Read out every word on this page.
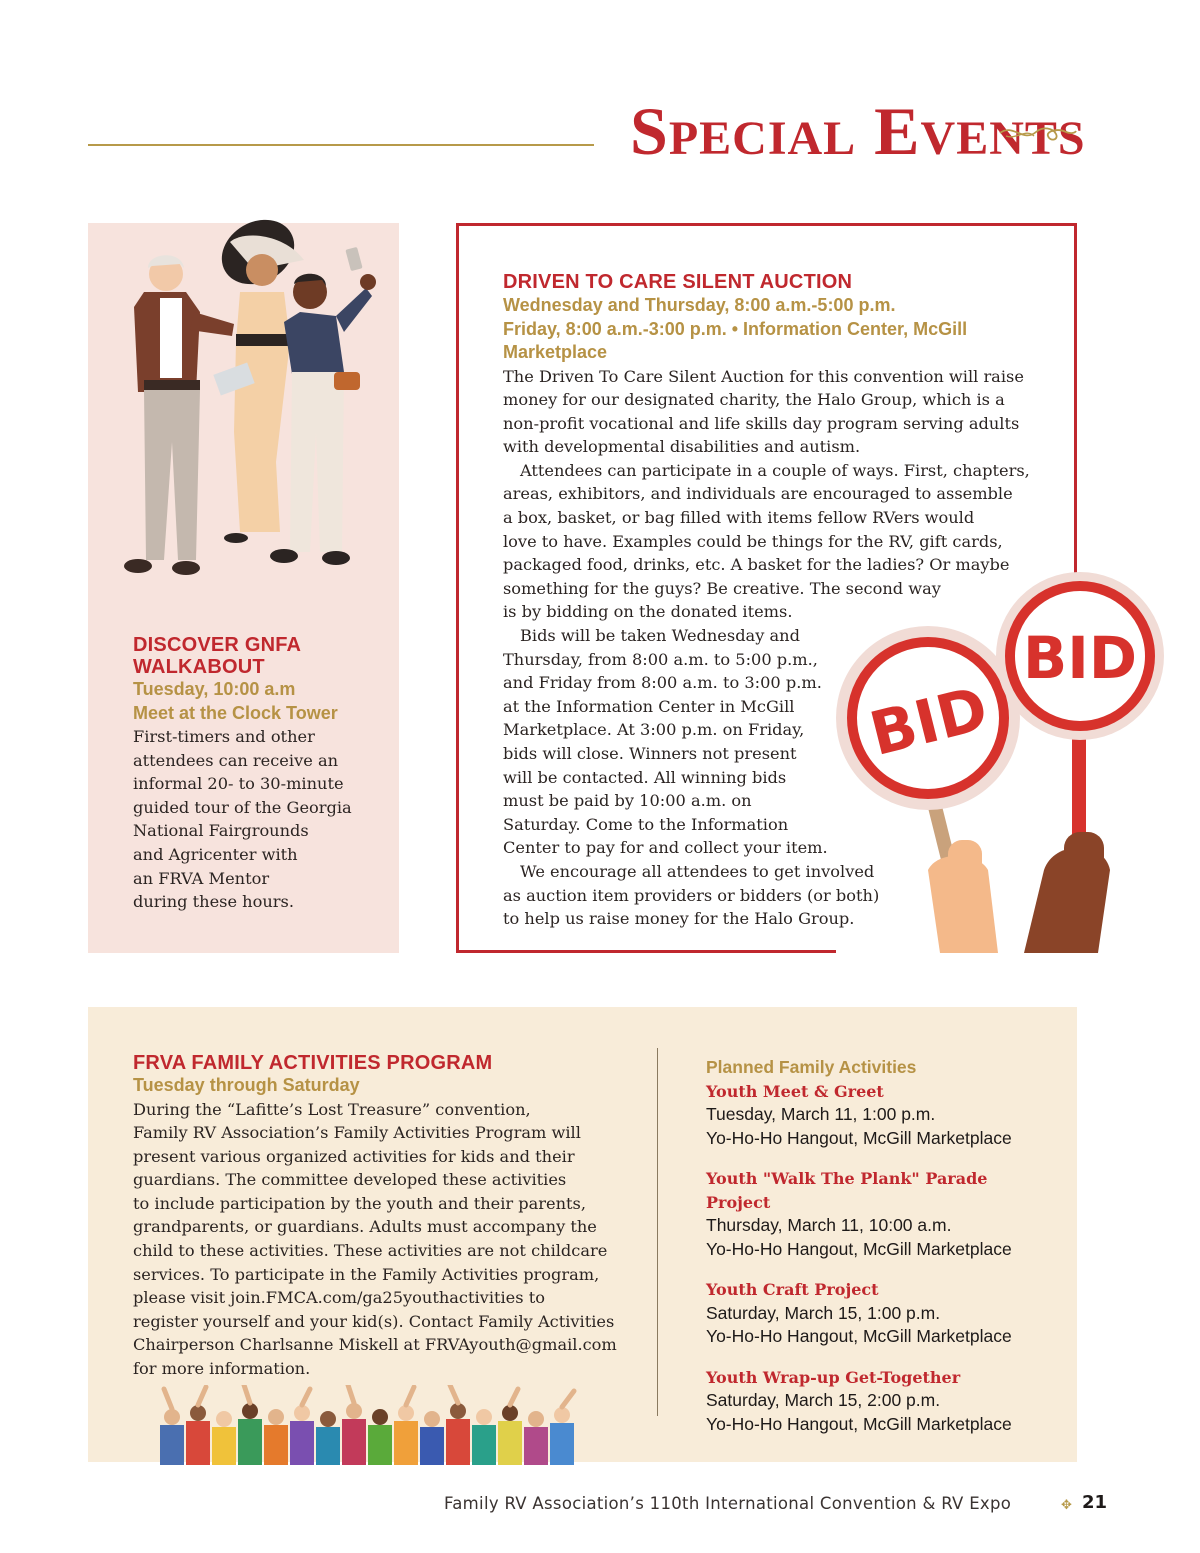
Special Events
DISCOVER GNFA
WALKABOUT
Tuesday, 10:00 a.m
Meet at the Clock Tower
First-timers and other
attendees can receive an
informal 20- to 30-minute
guided tour of the Georgia
National Fairgrounds
and Agricenter with
an FRVA Mentor
during these hours.
DRIVEN TO CARE SILENT AUCTION
Wednesday and Thursday, 8:00 a.m.-5:00 p.m.
Friday, 8:00 a.m.-3:00 p.m. • Information Center, McGill Marketplace
The Driven To Care Silent Auction for this convention will raise
money for our designated charity, the Halo Group, which is a
non-profit vocational and life skills day program serving adults
with developmental disabilities and autism.
Attendees can participate in a couple of ways. First, chapters,
areas, exhibitors, and individuals are encouraged to assemble
a box, basket, or bag filled with items fellow RVers would
love to have. Examples could be things for the RV, gift cards,
packaged food, drinks, etc. A basket for the ladies? Or maybe
something for the guys? Be creative. The second way
is by bidding on the donated items.
Bids will be taken Wednesday and
Thursday, from 8:00 a.m. to 5:00 p.m.,
and Friday from 8:00 a.m. to 3:00 p.m.
at the Information Center in McGill
Marketplace. At 3:00 p.m. on Friday,
bids will close. Winners not present
will be contacted. All winning bids
must be paid by 10:00 a.m. on
Saturday. Come to the Information
Center to pay for and collect your item.
We encourage all attendees to get involved
as auction item providers or bidders (or both)
to help us raise money for the Halo Group.
BID
BID
FRVA FAMILY ACTIVITIES PROGRAM
Tuesday through Saturday
During the “Lafitte’s Lost Treasure” convention,
Family RV Association’s Family Activities Program will
present various organized activities for kids and their
guardians. The committee developed these activities
to include participation by the youth and their parents,
grandparents, or guardians. Adults must accompany the
child to these activities. These activities are not childcare
services. To participate in the Family Activities program,
please visit join.FMCA.com/ga25youthactivities to
register yourself and your kid(s). Contact Family Activities
Chairperson Charlsanne Miskell at FRVAyouth@gmail.com
for more information.
Planned Family Activities
Youth Meet & Greet
Tuesday, March 11, 1:00 p.m.
Yo-Ho-Ho Hangout, McGill Marketplace
Youth "Walk The Plank" Parade Project
Thursday, March 11, 10:00 a.m.
Yo-Ho-Ho Hangout, McGill Marketplace
Youth Craft Project
Saturday, March 15, 1:00 p.m.
Yo-Ho-Ho Hangout, McGill Marketplace
Youth Wrap-up Get-Together
Saturday, March 15, 2:00 p.m.
Yo-Ho-Ho Hangout, McGill Marketplace
Family RV Association’s 110th International Convention & RV Expo	✥ 21
